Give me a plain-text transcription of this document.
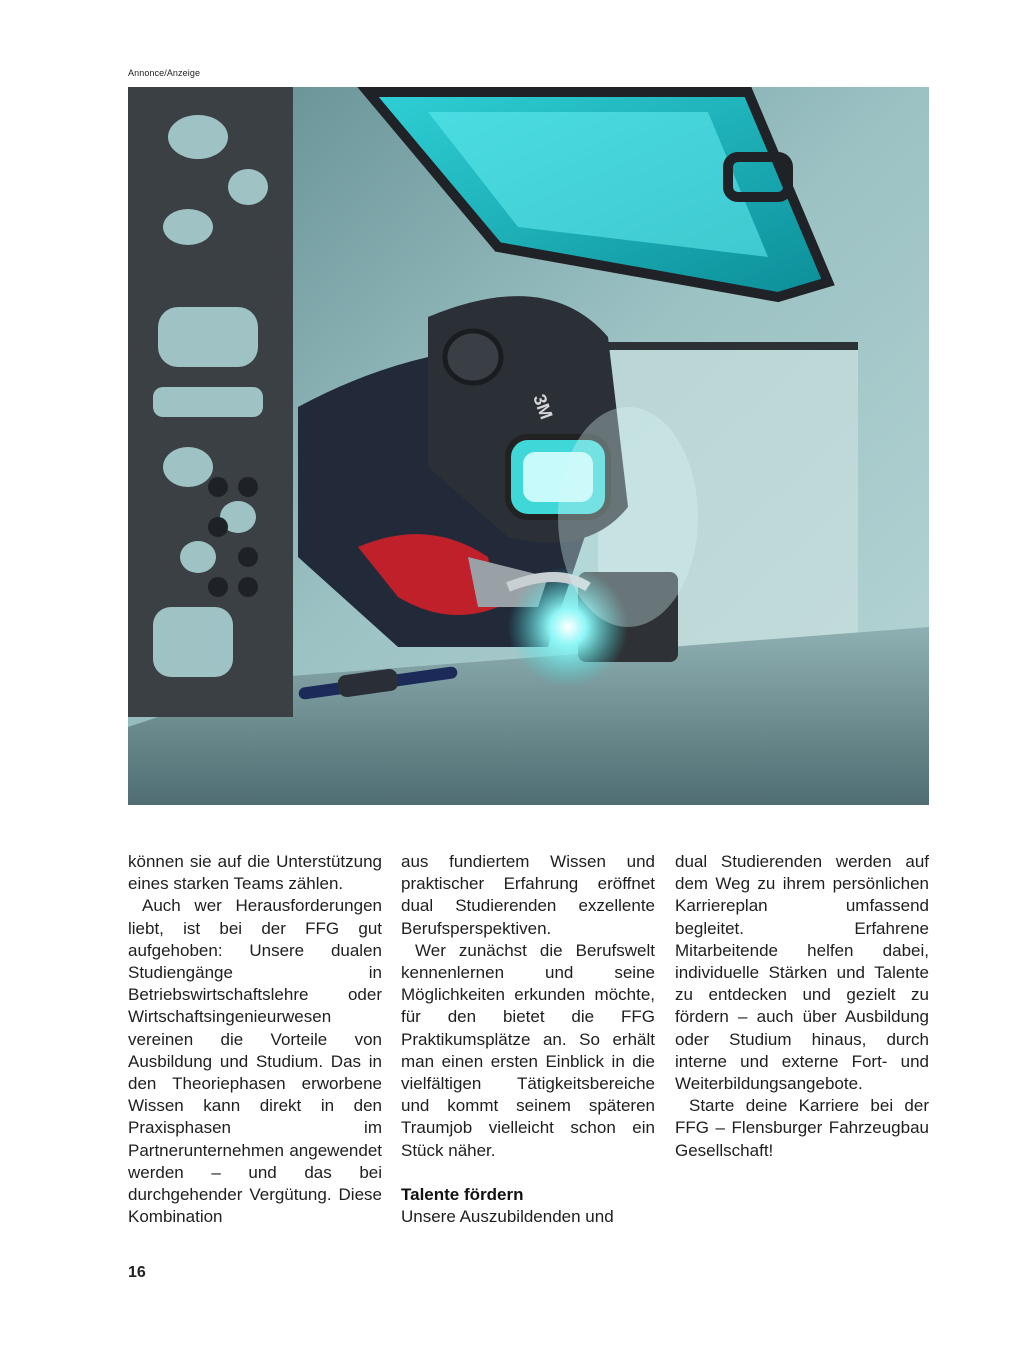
Annonce/Anzeige
3M

können sie auf die Unterstützung eines starken Teams zählen.

Auch wer Herausforderungen liebt, ist bei der FFG gut aufgehoben: Unsere dualen Studiengänge in Betriebswirtschaftslehre oder Wirtschaftsingenieurwesen vereinen die Vorteile von Ausbildung und Studium. Das in den Theoriephasen erworbene Wissen kann direkt in den Praxisphasen im Partnerunternehmen angewendet werden – und das bei durchgehender Vergütung. Diese Kombination

aus fundiertem Wissen und praktischer Erfahrung eröffnet dual Studierenden exzellente Berufsperspektiven.

Wer zunächst die Berufswelt kennenlernen und seine Möglichkeiten erkunden möchte, für den bietet die FFG Praktikumsplätze an. So erhält man einen ersten Einblick in die vielfältigen Tätigkeitsbereiche und kommt seinem späteren Traumjob vielleicht schon ein Stück näher.

Talente fördern

Unsere Auszubildenden und

dual Studierenden werden auf dem Weg zu ihrem persönlichen Karriereplan umfassend begleitet. Erfahrene Mitarbeitende helfen dabei, individuelle Stärken und Talente zu entdecken und gezielt zu fördern – auch über Ausbildung oder Studium hinaus, durch interne und externe Fort- und Weiterbildungsangebote.

Starte deine Karriere bei der FFG – Flensburger Fahrzeugbau Gesellschaft!

16
